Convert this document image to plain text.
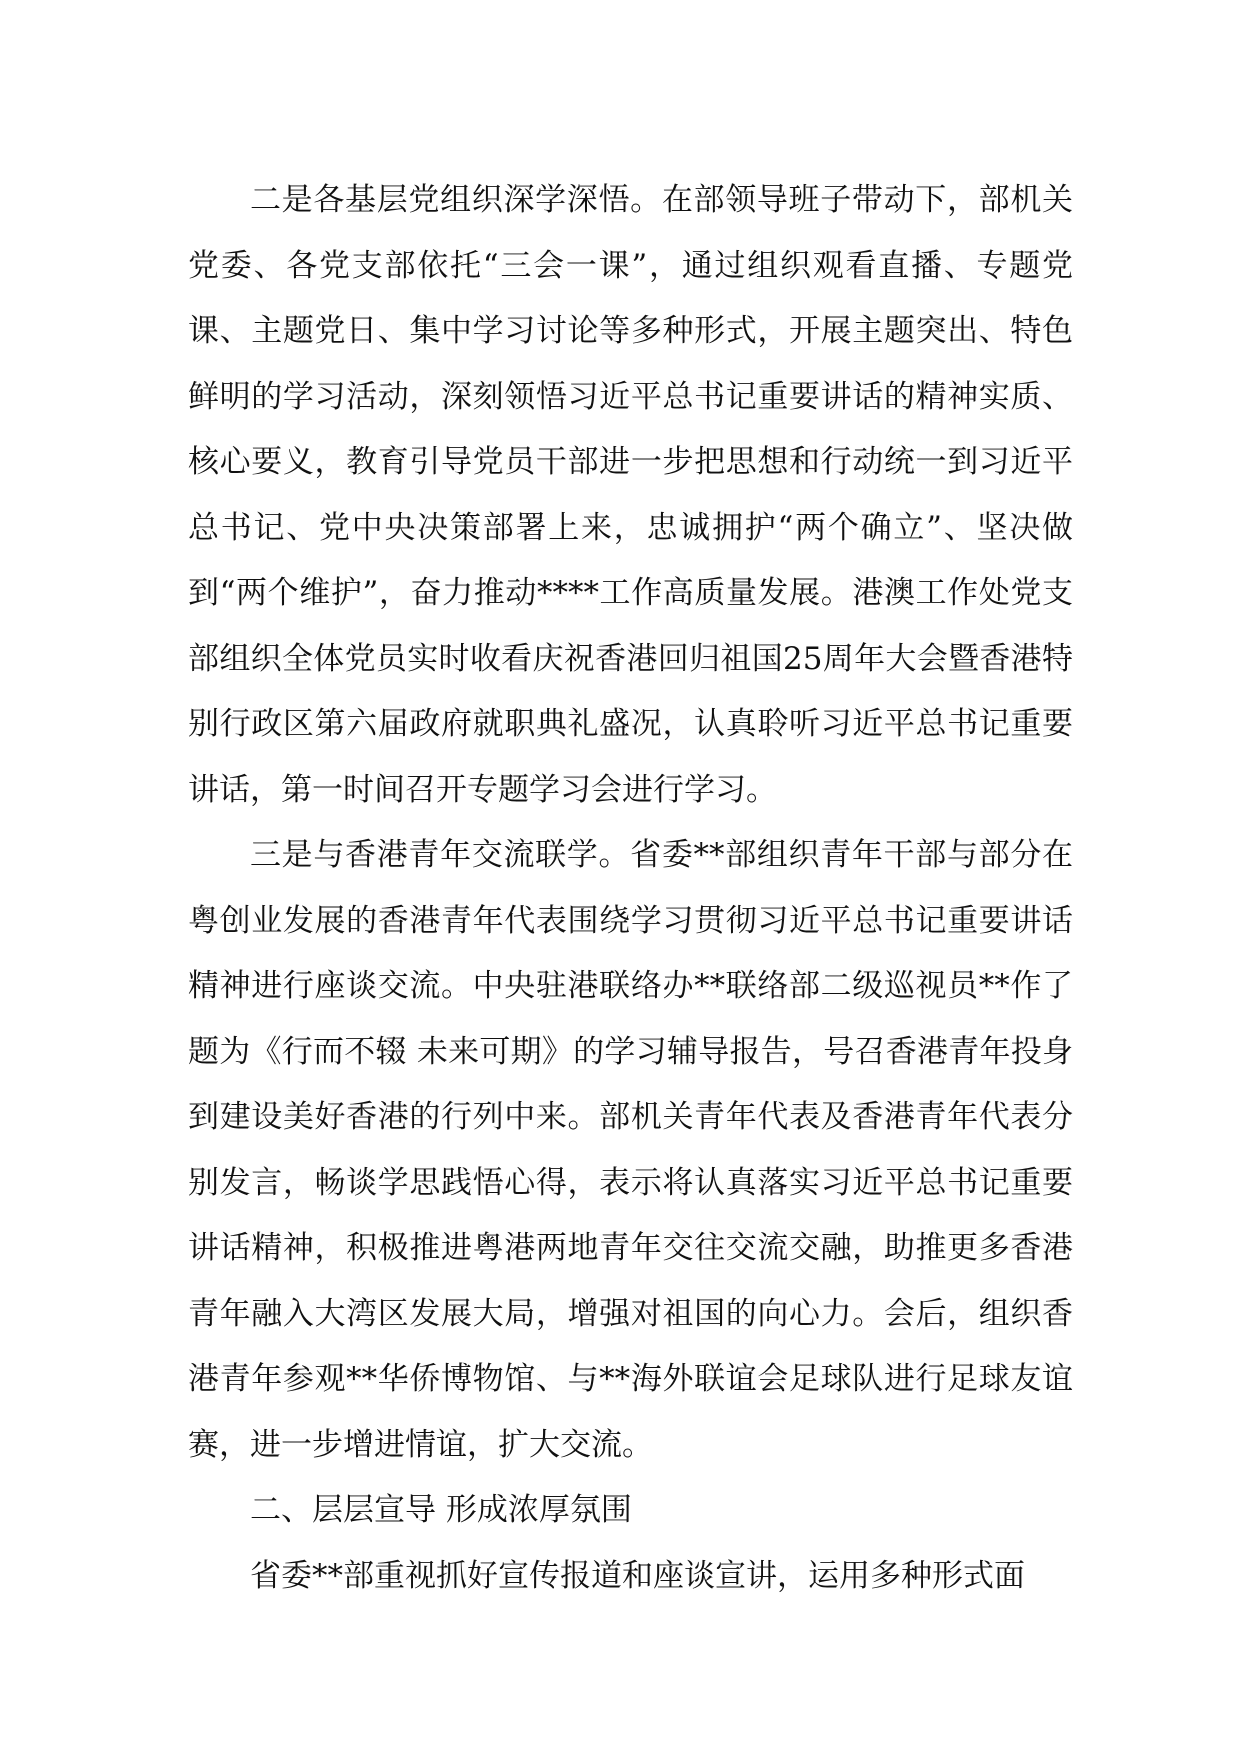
二是各基层党组织深学深悟。在部领导班子带动下，部机关党委、各党支部依托“三会一课”，通过组织观看直播、专题党课、主题党日、集中学习讨论等多种形式，开展主题突出、特色鲜明的学习活动，深刻领悟习近平总书记重要讲话的精神实质、核心要义，教育引导党员干部进一步把思想和行动统一到习近平总书记、党中央决策部署上来，忠诚拥护“两个确立”、坚决做到“两个维护”，奋力推动****工作高质量发展。港澳工作处党支部组织全体党员实时收看庆祝香港回归祖国25周年大会暨香港特别行政区第六届政府就职典礼盛况，认真聆听习近平总书记重要讲话，第一时间召开专题学习会进行学习。

三是与香港青年交流联学。省委**部组织青年干部与部分在粤创业发展的香港青年代表围绕学习贯彻习近平总书记重要讲话精神进行座谈交流。中央驻港联络办**联络部二级巡视员**作了题为《行而不辍 未来可期》的学习辅导报告，号召香港青年投身到建设美好香港的行列中来。部机关青年代表及香港青年代表分别发言，畅谈学思践悟心得，表示将认真落实习近平总书记重要讲话精神，积极推进粤港两地青年交往交流交融，助推更多香港青年融入大湾区发展大局，增强对祖国的向心力。会后，组织香港青年参观**华侨博物馆、与**海外联谊会足球队进行足球友谊赛，进一步增进情谊，扩大交流。

二、层层宣导 形成浓厚氛围

省委**部重视抓好宣传报道和座谈宣讲，运用多种形式面
